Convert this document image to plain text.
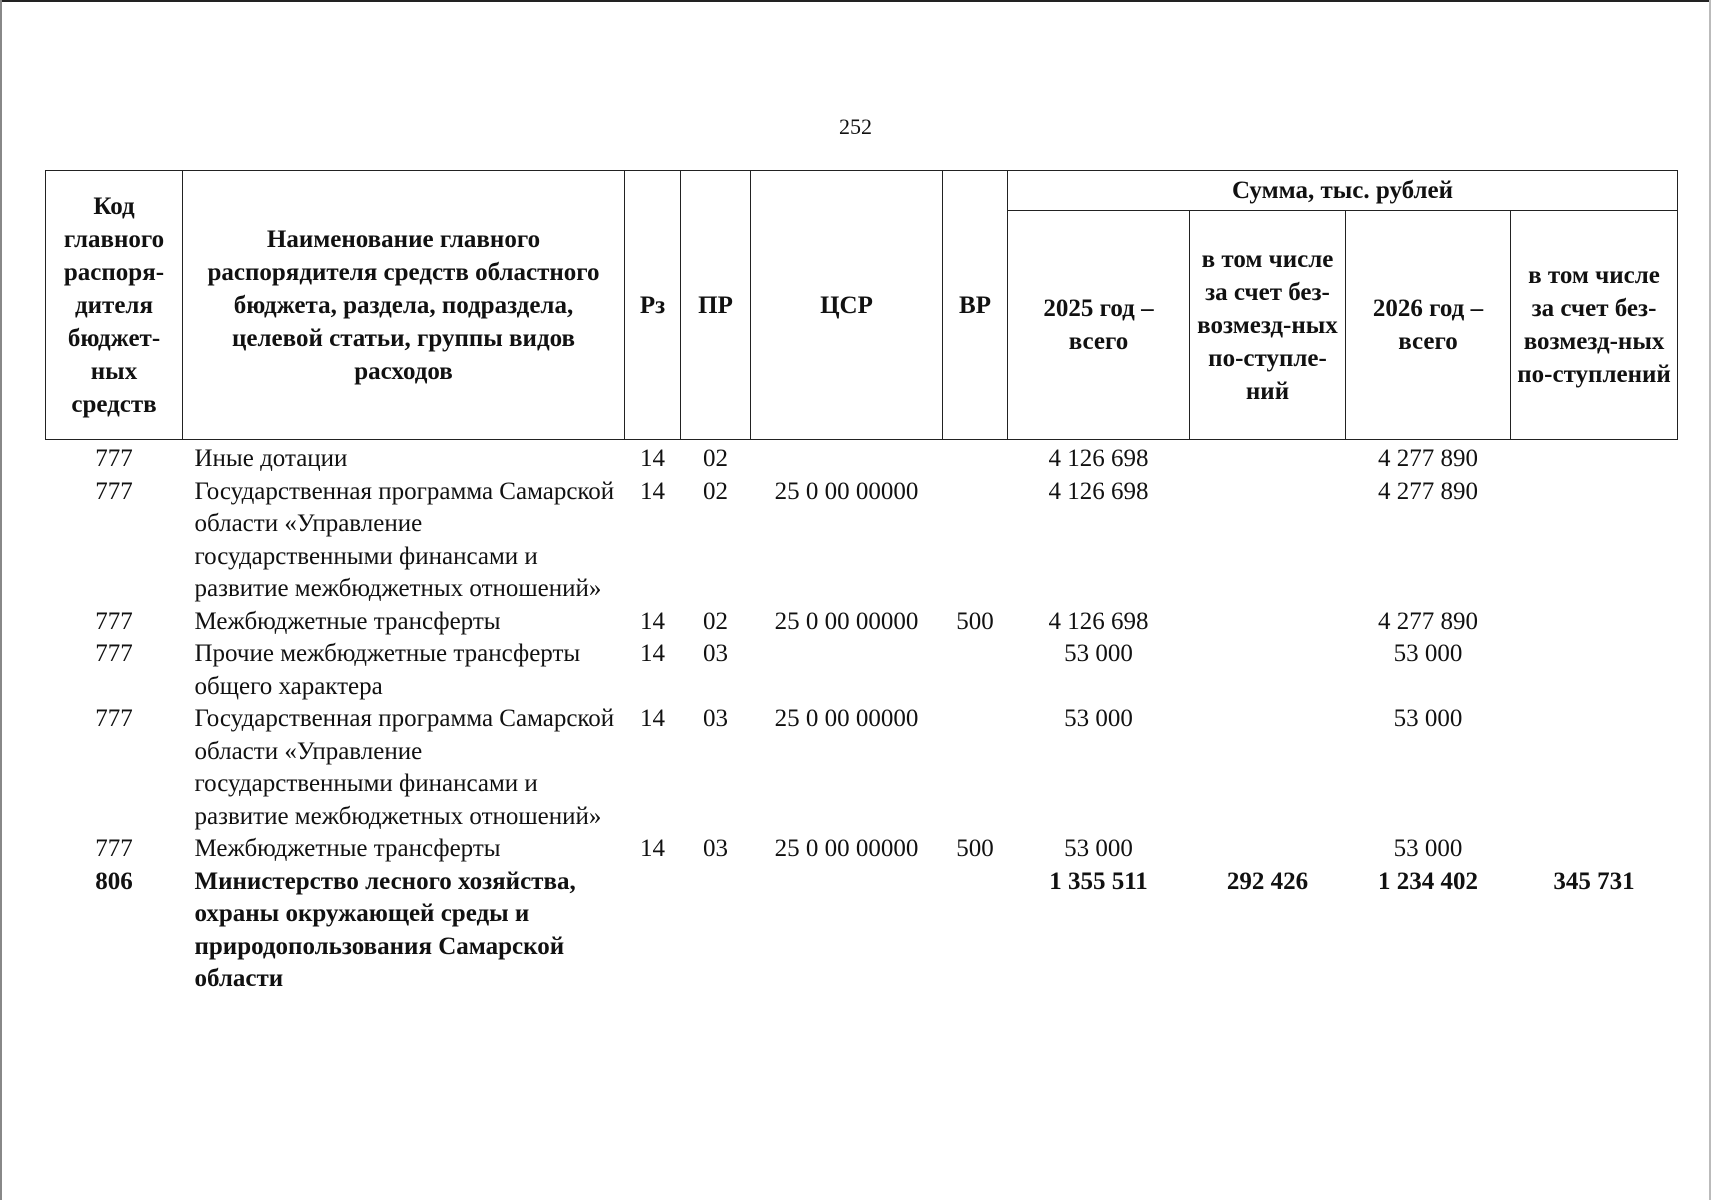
252
Код главного распоря-дителя бюджет-ных средств	Наименование главного распорядителя средств областного бюджета, раздела, подраздела, целевой статьи, группы видов расходов	Рз	ПР	ЦСР	ВР	Сумма, тыс. рублей			
						2025 год – всего	в том числе за счет без-возмезд-ных по-ступле-ний	2026 год – всего	в том числе за счет без-возмезд-ных по-ступлений
777	Иные дотации	14	02			4 126 698		4 277 890	
777	Государственная программа Самарской области «Управление государственными финансами и развитие межбюджетных отношений»	14	02	25 0 00 00000		4 126 698		4 277 890	
777	Межбюджетные трансферты	14	02	25 0 00 00000	500	4 126 698		4 277 890	
777	Прочие межбюджетные трансферты общего характера	14	03			53 000		53 000	
777	Государственная программа Самарской области «Управление государственными финансами и развитие межбюджетных отношений»	14	03	25 0 00 00000		53 000		53 000	
777	Межбюджетные трансферты	14	03	25 0 00 00000	500	53 000		53 000	
806	Министерство лесного хозяйства, охраны окружающей среды и природопользования Самарской области					1 355 511	292 426	1 234 402	345 731
